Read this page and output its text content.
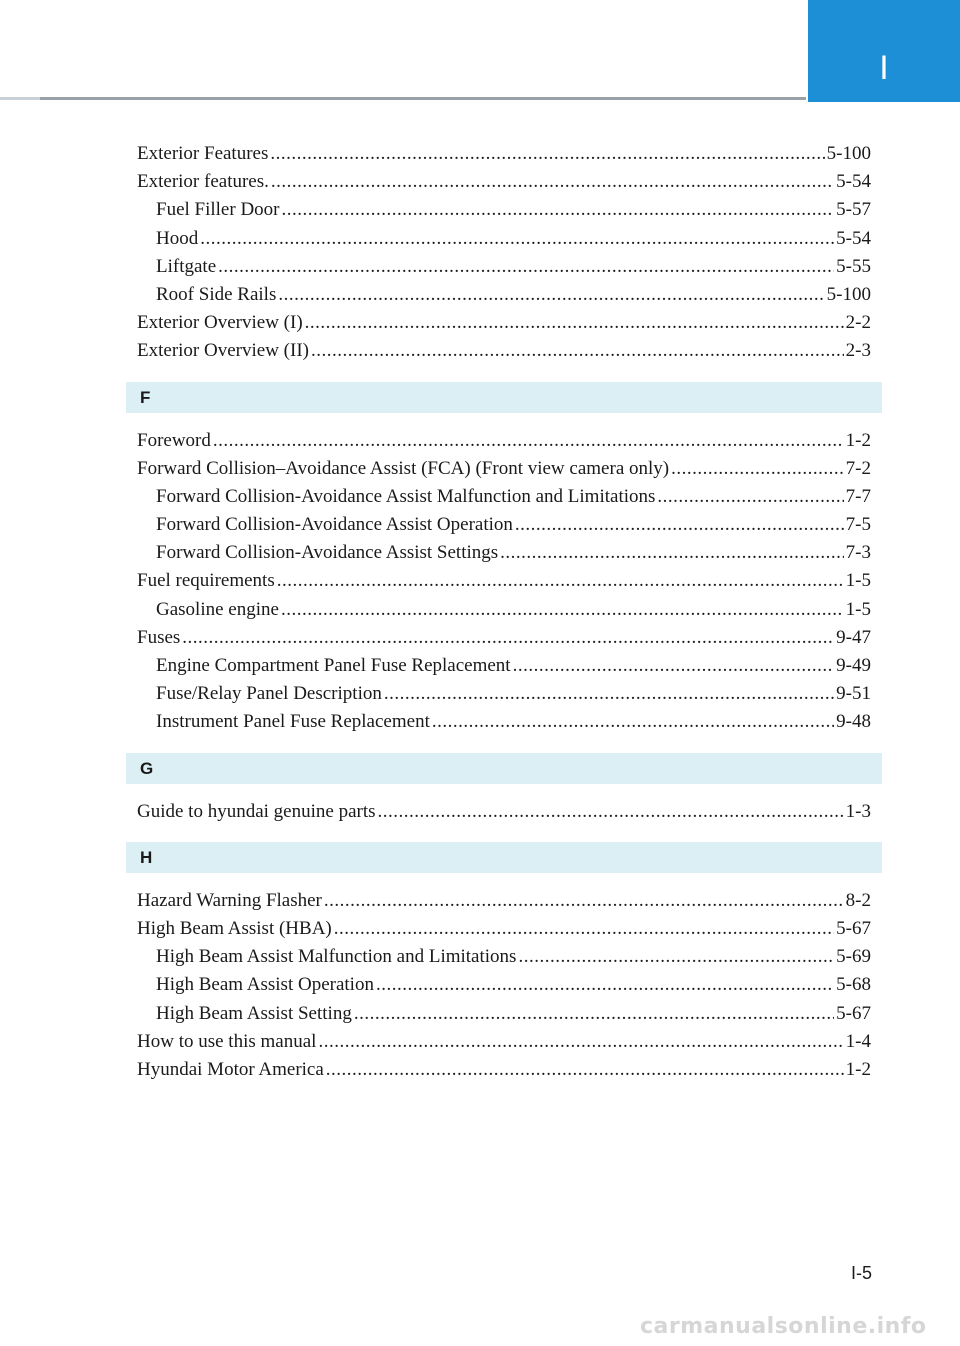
I
Exterior Features .....	5-100
Exterior features. .....	5-54
Fuel Filler Door .....	5-57
Hood .....	5-54
Liftgate .....	5-55
Roof Side Rails .....	5-100
Exterior Overview (I) .....	2-2
Exterior Overview (II) .....	2-3
F
Foreword .....	1-2
Forward Collision–Avoidance Assist (FCA) (Front view camera only) .....	7-2
Forward Collision-Avoidance Assist Malfunction and Limitations .....	7-7
Forward Collision-Avoidance Assist Operation .....	7-5
Forward Collision-Avoidance Assist Settings .....	7-3
Fuel requirements .....	1-5
Gasoline engine .....	1-5
Fuses .....	9-47
Engine Compartment Panel Fuse Replacement .....	9-49
Fuse/Relay Panel Description .....	9-51
Instrument Panel Fuse Replacement .....	9-48
G
Guide to hyundai genuine parts .....	1-3
H
Hazard Warning Flasher .....	8-2
High Beam Assist (HBA) .....	5-67
High Beam Assist Malfunction and Limitations .....	5-69
High Beam Assist Operation .....	5-68
High Beam Assist Setting .....	5-67
How to use this manual .....	1-4
Hyundai Motor America .....	1-2
I-5
carmanualsonline.info
